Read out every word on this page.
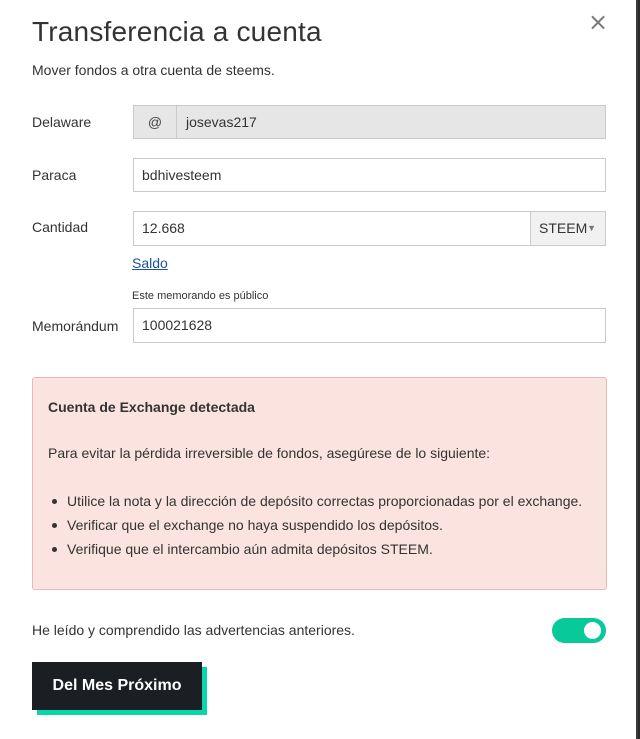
×
Transferencia a cuenta
Mover fondos a otra cuenta de steems.
Delaware	@	josevas217
Paraca	bdhivesteem
Cantidad	12.668	STEEM ▼
Saldo
Este memorando es público
Memorándum 100021628
Cuenta de Exchange detectada
Para evitar la pérdida irreversible de fondos, asegúrese de lo siguiente:
Utilice la nota y la dirección de depósito correctas proporcionadas por el exchange.
Verificar que el exchange no haya suspendido los depósitos.
Verifique que el intercambio aún admita depósitos STEEM.
He leído y comprendido las advertencias anteriores.
Del Mes Próximo
